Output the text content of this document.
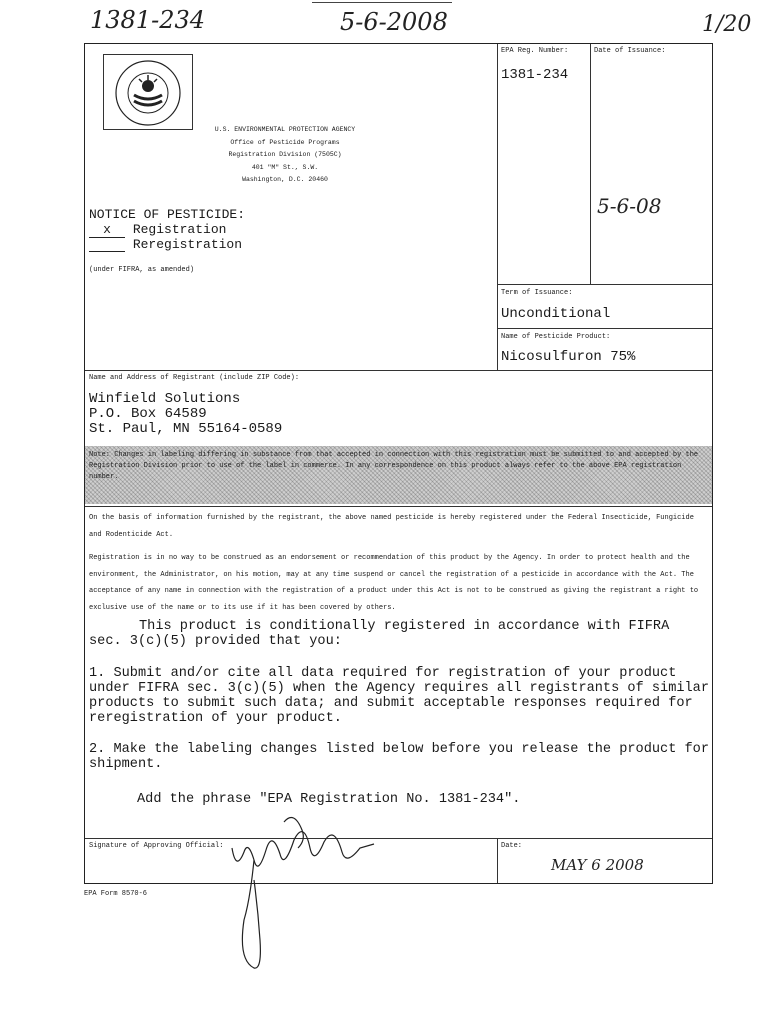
1381-234	5-6-2008	1/20
U.S. ENVIRONMENTAL PROTECTION AGENCY
Office of Pesticide Programs
Registration Division (7505C)
401 "M" St., S.W.
Washington, D.C. 20460
NOTICE OF PESTICIDE:
x Registration
Reregistration
(under FIFRA, as amended)
EPA Reg. Number:
1381-234
Date of Issuance:
5-6-08
Term of Issuance:
Unconditional
Name of Pesticide Product:
Nicosulfuron 75%
Name and Address of Registrant (include ZIP Code):
Winfield Solutions
P.O. Box 64589
St. Paul, MN 55164-0589
Note: Changes in labeling differing in substance from that accepted in connection with this registration must be submitted to and accepted by the Registration Division prior to use of the label in commerce. In any correspondence on this product always refer to the above EPA registration number.
On the basis of information furnished by the registrant, the above named pesticide is hereby registered under the Federal Insecticide, Fungicide and Rodenticide Act.
Registration is in no way to be construed as an endorsement or recommendation of this product by the Agency. In order to protect health and the environment, the Administrator, on his motion, may at any time suspend or cancel the registration of a pesticide in accordance with the Act. The acceptance of any name in connection with the registration of a product under this Act is not to be construed as giving the registrant a right to exclusive use of the name or to its use if it has been covered by others.
This product is conditionally registered in accordance with FIFRA sec. 3(c)(5) provided that you:
1. Submit and/or cite all data required for registration of your product under FIFRA sec. 3(c)(5) when the Agency requires all registrants of similar products to submit such data; and submit acceptable responses required for reregistration of your product.
2. Make the labeling changes listed below before you release the product for shipment.
Add the phrase "EPA Registration No. 1381-234".
Signature of Approving Official:	Date:
MAY 6 2008
EPA Form 8570-6
